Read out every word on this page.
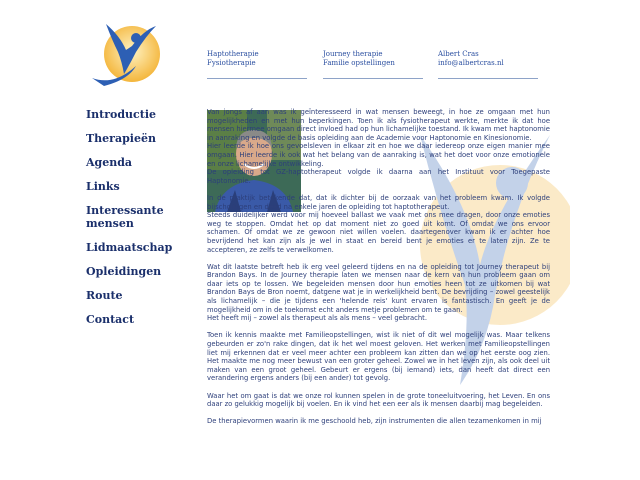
Haptotherapie
Fysiotherapie
Journey therapie
Familie opstellingen
Albert Cras
info@albertcras.nl
Introductie
Therapieën
Agenda
Links
Interessante mensen
Lidmaatschap
Opleidingen
Route
Contact

Van jongs af aan was ik geïnteresseerd in wat mensen beweegt, in hoe ze omgaan met hun mogelijkheden en met hun beperkingen. Toen ik als fysiotherapeut werkte, merkte ik dat hoe mensen hiermee omgaan direct invloed had op hun lichamelijke toestand. Ik kwam met haptonomie in aanraking en volgde de basis opleiding aan de Academie voor Haptonomie en Kinesionomie.

Hier leerde ik hoe ons gevoelsleven in elkaar zit en hoe we daar iedereop onze eigen manier mee omgaan. Hier leerde ik ook wat het belang van de aanraking is, wat het doet voor onze emotionele en onze lichamelijke ontwikkeling.

De opleiding tot GZ-haptotherapeut volgde ik daarna aan het Instituut voor Toegepaste Haptonomie.

In de praktijk betekende dat, dat ik dichter bij de oorzaak van het probleem kwam. Ik volgde bijscholingen en deed na enkele jaren de opleiding tot haptotherapeut.

Steeds duidelijker werd voor mij hoeveel ballast we vaak met ons mee dragen, door onze emoties weg te stoppen. Omdat het op dat moment niet zo goed uit komt. Of omdat we ons ervoor schamen. Of omdat we ze gewoon niet willen voelen. daartegenover kwam ik er achter hoe bevrijdend het kan zijn als je wel in staat en bereid bent je emoties er te laten zijn. Ze te accepteren, ze zelfs te verwelkomen.

Wat dit laatste betreft heb ik erg veel geleerd tijdens en na de opleiding tot Journey therapeut bij Brandon Bays. In de Journey therapie laten we mensen naar de kern van hun probleem gaan om daar iets op te lossen. We begeleiden mensen door hun emoties heen tot ze uitkomen bij wat Brandon Bays de Bron noemt, datgene wat je in werkelijkheid bent. De bevrijding – zowel geestelijk als lichamelijk – die je tijdens een 'helende reis' kunt ervaren is fantastisch. En geeft je de mogelijkheid om in de toekomst echt anders metje problemen om te gaan.

Het heeft mij – zowel als therapeut als als mens – veel gebracht.

Toen ik kennis maakte met Familieopstellingen, wist ik niet of dit wel mogelijk was. Maar telkens gebeurden er zo'n rake dingen, dat ik het wel moest geloven. Het werken met Familieopstellingen liet mij erkennen dat er veel meer achter een probleem kan zitten dan we op het eerste oog zien. Het maakte me nog meer bewust van een groter geheel. Zowel we in het leven zijn, als ook deel uit maken van een groot geheel. Gebeurt er ergens (bij iemand) iets, dan heeft dat direct een verandering ergens anders (bij een ander) tot gevolg.

Waar het om gaat is dat we onze rol kunnen spelen in de grote toneeluitvoering, het Leven. En ons daar zo gelukkig mogelijk bij voelen. En ik vind het een eer als ik mensen daarbij mag begeleiden.

De therapievormen waarin ik me geschoold heb, zijn instrumenten die allen tezamenkomen in mij
